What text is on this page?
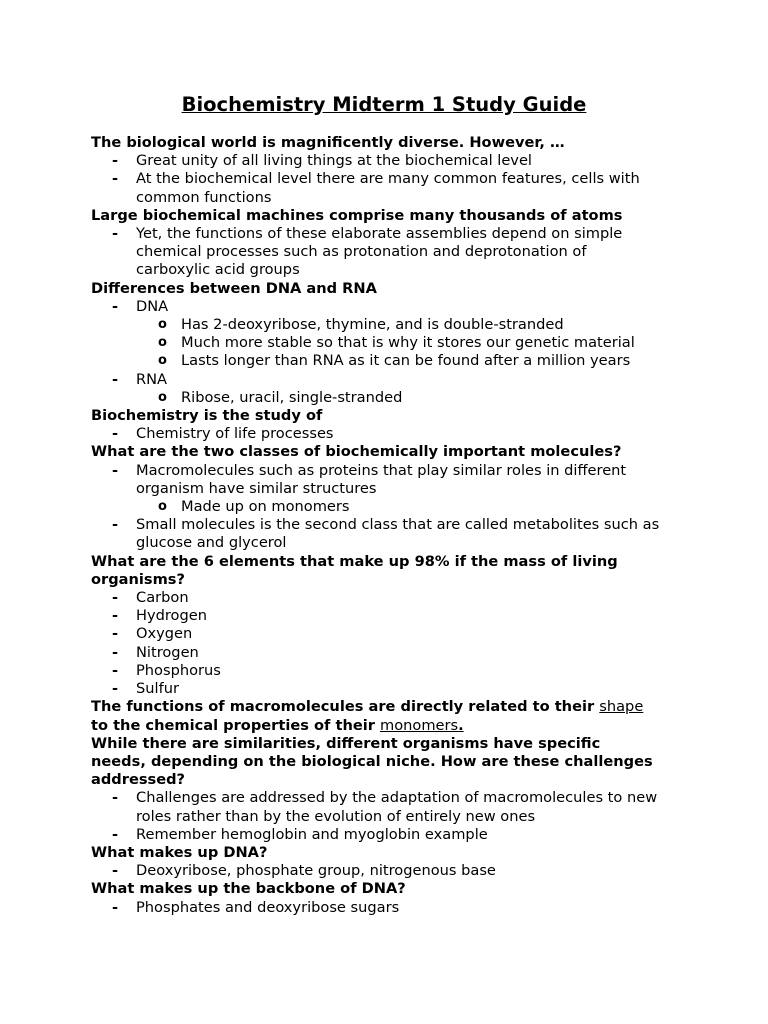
Biochemistry Midterm 1 Study Guide

The biological world is magnificently diverse. However, …

- Great unity of all living things at the biochemical level

- At the biochemical level there are many common features, cells with
common functions

Large biochemical machines comprise many thousands of atoms

- Yet, the functions of these elaborate assemblies depend on simple
chemical processes such as protonation and deprotonation of
carboxylic acid groups

Differences between DNA and RNA

- DNA

o Has 2-deoxyribose, thymine, and is double-stranded

o Much more stable so that is why it stores our genetic material

o Lasts longer than RNA as it can be found after a million years

- RNA

o Ribose, uracil, single-stranded

Biochemistry is the study of

- Chemistry of life processes

What are the two classes of biochemically important molecules?

- Macromolecules such as proteins that play similar roles in different
organism have similar structures

o Made up on monomers

- Small molecules is the second class that are called metabolites such as
glucose and glycerol

What are the 6 elements that make up 98% if the mass of living
organisms?

- Carbon

- Hydrogen

- Oxygen

- Nitrogen

- Phosphorus

- Sulfur

The functions of macromolecules are directly related to their shape
to the chemical properties of their monomers.

While there are similarities, different organisms have specific
needs, depending on the biological niche. How are these challenges
addressed?

- Challenges are addressed by the adaptation of macromolecules to new
roles rather than by the evolution of entirely new ones

- Remember hemoglobin and myoglobin example

What makes up DNA?

- Deoxyribose, phosphate group, nitrogenous base

What makes up the backbone of DNA?

- Phosphates and deoxyribose sugars
